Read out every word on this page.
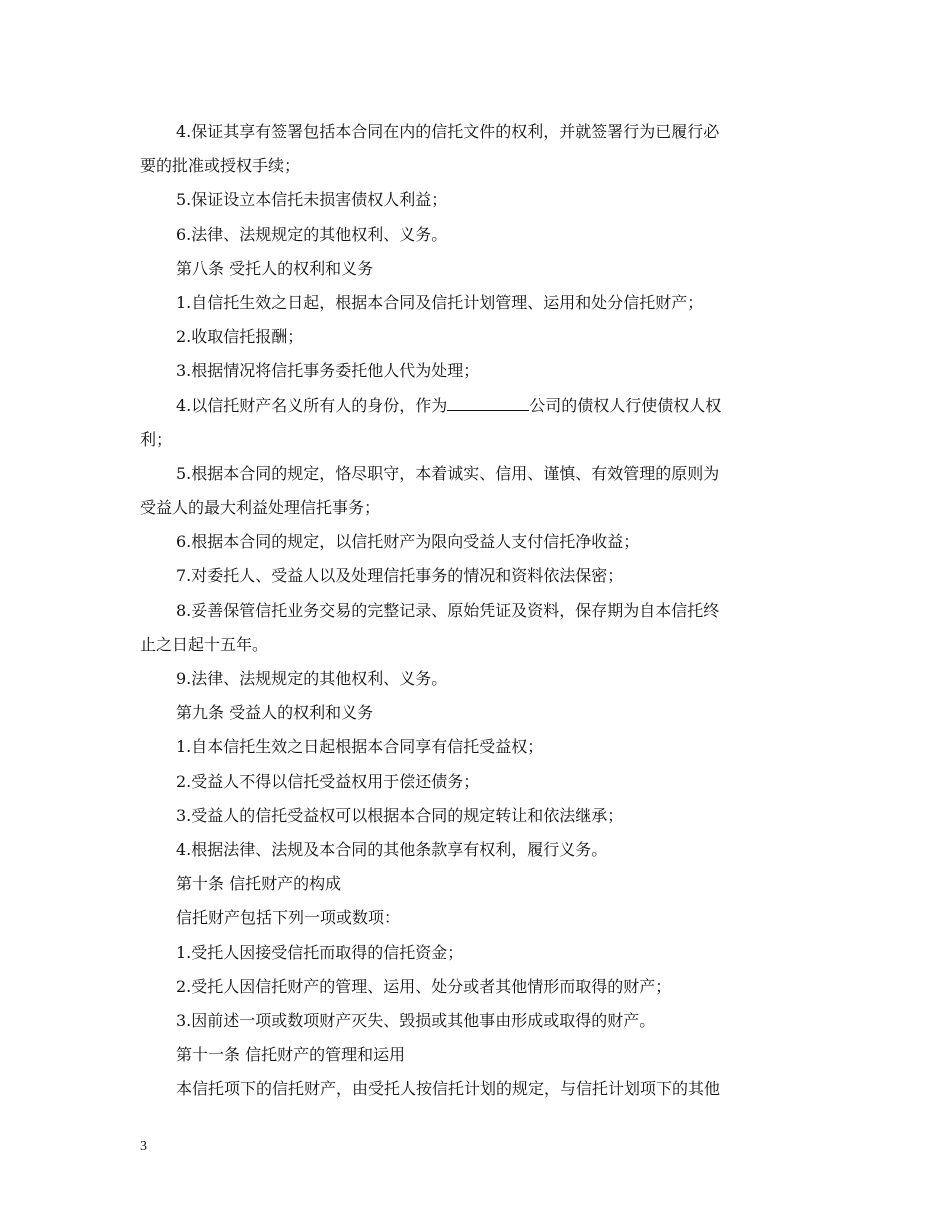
4.保证其享有签署包括本合同在内的信托文件的权利，并就签署行为已履行必
要的批准或授权手续；
5.保证设立本信托未损害债权人利益；
6.法律、法规规定的其他权利、义务。
第八条 受托人的权利和义务
1.自信托生效之日起，根据本合同及信托计划管理、运用和处分信托财产；
2.收取信托报酬；
3.根据情况将信托事务委托他人代为处理；
4.以信托财产名义所有人的身份，作为	公司的债权人行使债权人权
利；
5.根据本合同的规定，恪尽职守，本着诚实、信用、谨慎、有效管理的原则为
受益人的最大利益处理信托事务；
6.根据本合同的规定，以信托财产为限向受益人支付信托净收益；
7.对委托人、受益人以及处理信托事务的情况和资料依法保密；
8.妥善保管信托业务交易的完整记录、原始凭证及资料，保存期为自本信托终
止之日起十五年。
9.法律、法规规定的其他权利、义务。
第九条 受益人的权利和义务
1.自本信托生效之日起根据本合同享有信托受益权；
2.受益人不得以信托受益权用于偿还债务；
3.受益人的信托受益权可以根据本合同的规定转让和依法继承；
4.根据法律、法规及本合同的其他条款享有权利，履行义务。
第十条 信托财产的构成
信托财产包括下列一项或数项：
1.受托人因接受信托而取得的信托资金；
2.受托人因信托财产的管理、运用、处分或者其他情形而取得的财产；
3.因前述一项或数项财产灭失、毁损或其他事由形成或取得的财产。
第十一条 信托财产的管理和运用
本信托项下的信托财产，由受托人按信托计划的规定，与信托计划项下的其他
3
